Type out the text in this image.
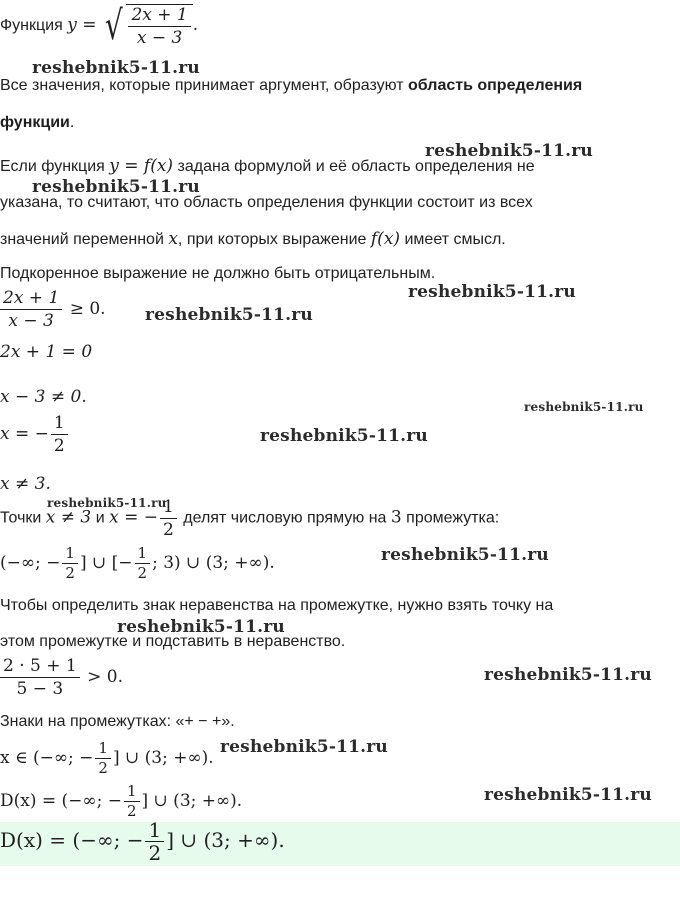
Функция y = √ $\frac{2x + 1}{x - 3}$ .
Все значения, которые принимает аргумент, образуют область определения
функции.
Если функция y = f(x) задана формулой и её область определения не
указана, то считают, что область определения функции состоит из всех
значений переменной x, при которых выражение f(x) имеет смысл.
Подкоренное выражение не должно быть отрицательным.
$\frac{2x + 1}{x - 3} \ge 0$.
2x + 1 = 0
x − 3 ≠ 0.
x = − $\frac{1}{2}$
x ≠ 3.
Точки x ≠ 3 и x = − $\frac{1}{2}$ делят числовую прямую на 3 промежутка:
(−∞; − $\frac{1}{2}$ ] ∪ [− $\frac{1}{2}$ ; 3) ∪ (3; +∞).
Чтобы определить знак неравенства на промежутке, нужно взять точку на
этом промежутке и подставить в неравенство.
$\frac{2 \cdot 5 + 1}{5 - 3} > 0$.
Знаки на промежутках: «+ − +».
x ∈ (−∞; − $\frac{1}{2}$ ] ∪ (3; +∞).
D(x) = (−∞; − $\frac{1}{2}$ ] ∪ (3; +∞).
D(x) = (−∞; − $\frac{1}{2}$ ] ∪ (3; +∞).
reshebnik5-11.ru
reshebnik5-11.ru
reshebnik5-11.ru
reshebnik5-11.ru
reshebnik5-11.ru
reshebnik5-11.ru
reshebnik5-11.ru
reshebnik5-11.ru
reshebnik5-11.ru
reshebnik5-11.ru
reshebnik5-11.ru
reshebnik5-11.ru
reshebnik5-11.ru
